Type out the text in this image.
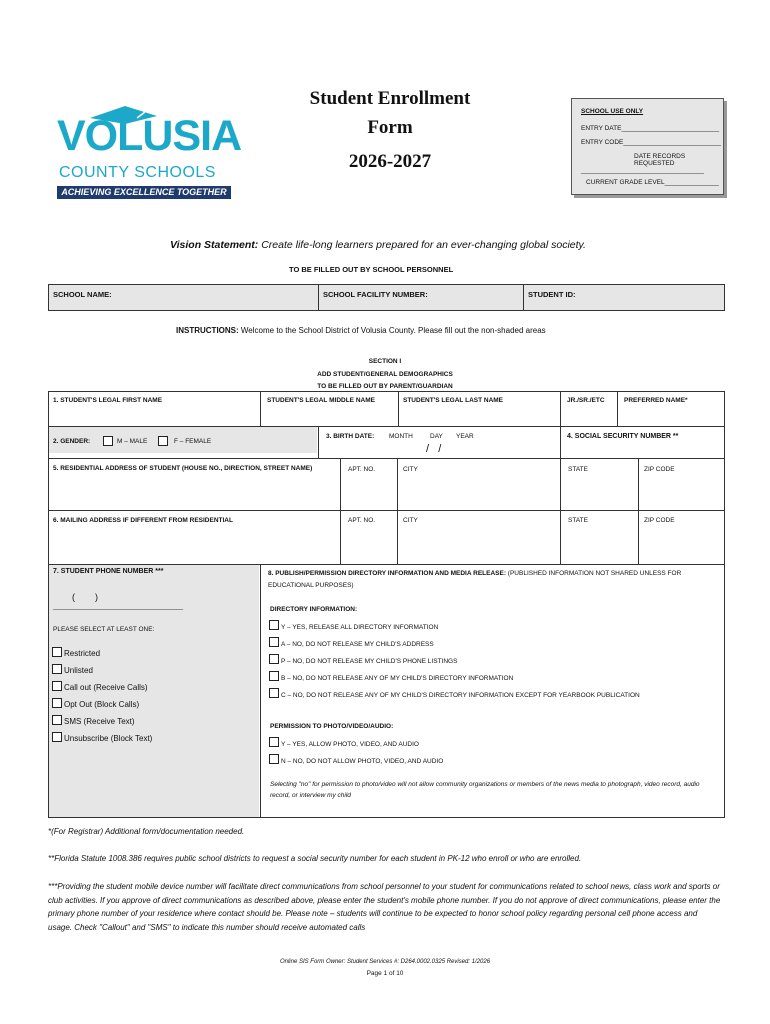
VOLUSIA
COUNTY SCHOOLS
ACHIEVING EXCELLENCE TOGETHER
Student Enrollment
Form
2026-2027
SCHOOL USE ONLY
ENTRY DATE___________________________
ENTRY CODE___________________________
DATE RECORDS REQUESTED
__________________________________
CURRENT GRADE LEVEL_______________
Vision Statement: Create life-long learners prepared for an ever-changing global society.
TO BE FILLED OUT BY SCHOOL PERSONNEL
SCHOOL NAME:	SCHOOL FACILITY NUMBER:	STUDENT ID:
INSTRUCTIONS: Welcome to the School District of Volusia County. Please fill out the non-shaded areas
SECTION I
ADD STUDENT/GENERAL DEMOGRAPHICS
TO BE FILLED OUT BY PARENT/GUARDIAN
1. STUDENT'S LEGAL FIRST NAME	STUDENT'S LEGAL MIDDLE NAME	STUDENT'S LEGAL LAST NAME	JR./SR./ETC	PREFERRED NAME*
2. GENDER:	M – MALE	F – FEMALE
3. BIRTH DATE: MONTH	DAY YEAR
/   /
4. SOCIAL SECURITY NUMBER **
5. RESIDENTIAL ADDRESS OF STUDENT (HOUSE NO., DIRECTION, STREET NAME)	APT. NO.	CITY	STATE	ZIP CODE
6. MAILING ADDRESS IF DIFFERENT FROM RESIDENTIAL	APT. NO.	CITY	STATE	ZIP CODE
7. STUDENT PHONE NUMBER ***
(        )
____________________________________
PLEASE SELECT AT LEAST ONE:
Restricted
Unlisted
Call out (Receive Calls)
Opt Out (Block Calls)
SMS (Receive Text)
Unsubscribe (Block Text)
8. PUBLISH/PERMISSION DIRECTORY INFORMATION AND MEDIA RELEASE: (PUBLISHED INFORMATION NOT SHARED UNLESS FOR
EDUCATIONAL PURPOSES)
DIRECTORY INFORMATION:
Y – YES, RELEASE ALL DIRECTORY INFORMATION
A – NO, DO NOT RELEASE MY CHILD'S ADDRESS
P – NO, DO NOT RELEASE MY CHILD'S PHONE LISTINGS
B – NO, DO NOT RELEASE ANY OF MY CHILD'S DIRECTORY INFORMATION
C – NO, DO NOT RELEASE ANY OF MY CHILD'S DIRECTORY INFORMATION EXCEPT FOR YEARBOOK PUBLICATION
PERMISSION TO PHOTO/VIDEO/AUDIO:
Y – YES, ALLOW PHOTO, VIDEO, AND AUDIO
N – NO, DO NOT ALLOW PHOTO, VIDEO, AND AUDIO
Selecting "no" for permission to photo/video will not allow community organizations or members of the news media to photograph, video record, audio record, or interview my child
*(For Registrar) Additional form/documentation needed.
**Florida Statute 1008.386 requires public school districts to request a social security number for each student in PK-12 who enroll or who are enrolled.
***Providing the student mobile device number will facilitate direct communications from school personnel to your student for communications related to school news, class work and sports or club activities. If you approve of direct communications as described above, please enter the student's mobile phone number. If you do not approve of direct communications, please enter the primary phone number of your residence where contact should be. Please note – students will continue to be expected to honor school policy regarding personal cell phone access and usage. Check "Callout" and "SMS" to indicate this number should receive automated calls
Online SIS Form Owner: Student Services #: D264.0002.0325 Revised: 1/2026
Page 1 of 10
